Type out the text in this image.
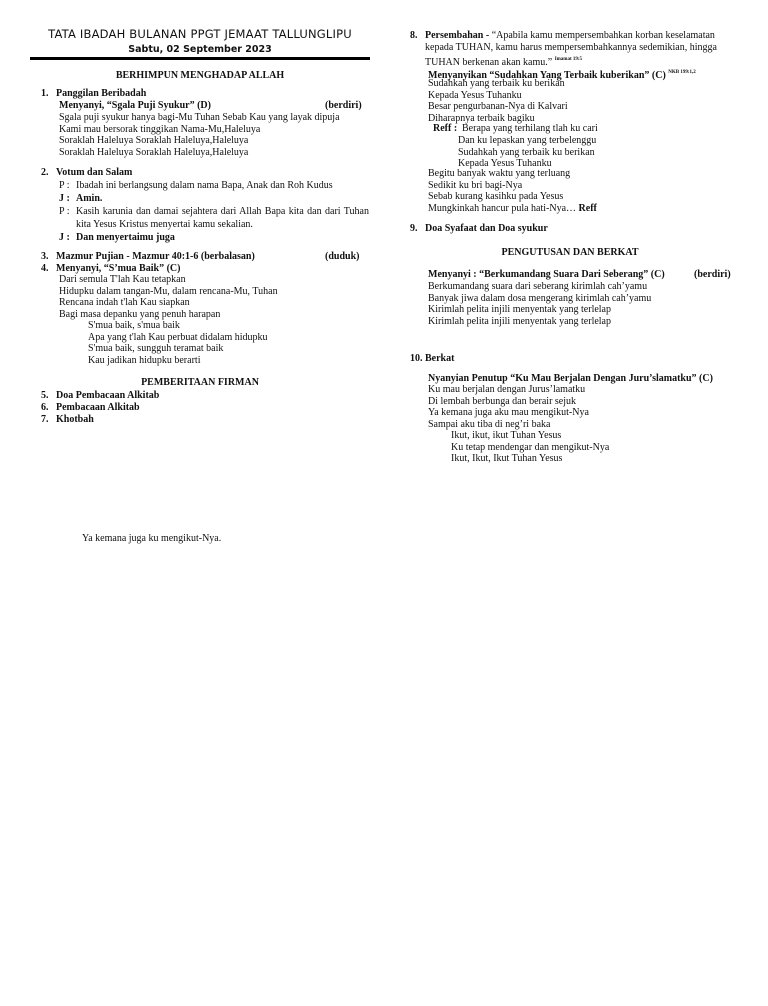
TATA IBADAH BULANAN PPGT JEMAAT TALLUNGLIPU
Sabtu, 02 September 2023
BERHIMPUN MENGHADAP ALLAH
1. Panggilan Beribadah
Menyanyi, “Sgala Puji Syukur” (D)	(berdiri)
Sgala puji syukur hanya bagi-Mu Tuhan Sebab Kau yang layak dipuja
Kami mau bersorak tinggikan Nama-Mu,Haleluya
Soraklah Haleluya Soraklah Haleluya,Haleluya
Soraklah Haleluya Soraklah Haleluya,Haleluya
2. Votum dan Salam
P : Ibadah ini berlangsung dalam nama Bapa, Anak dan Roh Kudus
J : Amin.
P : Kasih karunia dan damai sejahtera dari Allah Bapa kita dan dari Tuhan
kita Yesus Kristus menyertai kamu sekalian.
J : Dan menyertaimu juga
3. Mazmur Pujian - Mazmur 40:1-6 (berbalasan)	(duduk)
4. Menyanyi, “S’mua Baik” (C)
Dari semula T'lah Kau tetapkan
Hidupku dalam tangan-Mu, dalam rencana-Mu, Tuhan
Rencana indah t'lah Kau siapkan
Bagi masa depanku yang penuh harapan
S'mua baik, s'mua baik
Apa yang t'lah Kau perbuat didalam hidupku
S'mua baik, sungguh teramat baik
Kau jadikan hidupku berarti
PEMBERITAAN FIRMAN
5. Doa Pembacaan Alkitab
6. Pembacaan Alkitab
7. Khotbah
Ya kemana juga ku mengikut-Nya.
8. Persembahan - “Apabila kamu mempersembahkan korban keselamatan
kepada TUHAN, kamu harus mempersembahkannya sedemikian, hingga
TUHAN berkenan akan kamu.” $^{Imamat 19:5}$
Menyanyikan “Sudahkan Yang Terbaik kuberikan” (C) $^{NKB 199:1,2}$
Sudahkah yang terbaik ku berikan
Kepada Yesus Tuhanku
Besar pengurbanan-Nya di Kalvari
Diharapnya terbaik bagiku
Reff : Berapa yang terhilang tlah ku cari
Dan ku lepaskan yang terbelenggu
Sudahkah yang terbaik ku berikan
Kepada Yesus Tuhanku
Begitu banyak waktu yang terluang
Sedikit ku bri bagi-Nya
Sebab kurang kasihku pada Yesus
Mungkinkah hancur pula hati-Nya… Reff
9. Doa Syafaat dan Doa syukur
PENGUTUSAN DAN BERKAT
Menyanyi : “Berkumandang Suara Dari Seberang” (C)	(berdiri)
Berkumandang suara dari seberang kirimlah cah’yamu
Banyak jiwa dalam dosa mengerang kirimlah cah’yamu
Kirimlah pelita injili menyentak yang terlelap
Kirimlah pelita injili menyentak yang terlelap
10. Berkat
Nyanyian Penutup “Ku Mau Berjalan Dengan Juru’slamatku” (C)
Ku mau berjalan dengan Jurus’lamatku
Di lembah berbunga dan berair sejuk
Ya kemana juga aku mau mengikut-Nya
Sampai aku tiba di neg’ri baka
Ikut, ikut, ikut Tuhan Yesus
Ku tetap mendengar dan mengikut-Nya
Ikut, Ikut, Ikut Tuhan Yesus
